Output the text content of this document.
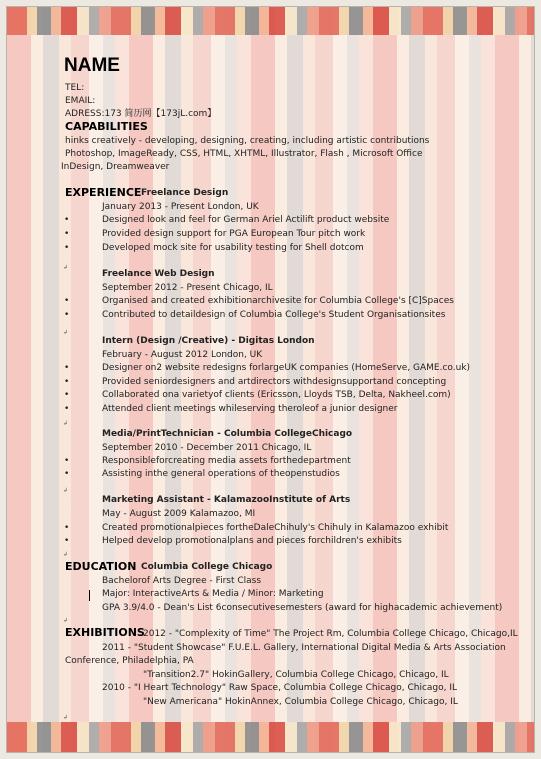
NAME
TEL:
EMAIL:
ADRESS:173 简历网【173jL.com】
CAPABILITIES
hinks creatively - developing, designing, creating, including artistic contributions
Photoshop, ImageReady, CSS, HTML, XHTML, Illustrator, Flash , Microsoft Office
InDesign, Dreamweaver
EXPERIENCE Freelance Design
January 2013 - Present London, UK
•	Designed look and feel for German Ariel Actilift product website
•	Provided design support for PGA European Tour pitch work
•	Developed mock site for usability testing for Shell dotcom
Freelance Web Design
September 2012 - Present Chicago, IL
•	Organised and created exhibitionarchivesite for Columbia College's [C]Spaces
•	Contributed to detaildesign of Columbia College's Student Organisationsites
Intern (Design /Creative) - Digitas London
February - August 2012 London, UK
•	Designer on2 website redesigns forlargeUK companies (HomeServe, GAME.co.uk)
•	Provided seniordesigners and artdirectors withdesignsupportand concepting
•	Collaborated ona varietyof clients (Ericsson, Lloyds TSB, Delta, Nakheel.com)
•	Attended client meetings whileserving theroleof a junior designer
Media/PrintTechnician - Columbia CollegeChicago
September 2010 - December 2011 Chicago, IL
•	Responsibleforcreating media assets forthedepartment
•	Assisting inthe general operations of theopenstudios
Marketing Assistant - KalamazooInstitute of Arts
May - August 2009 Kalamazoo, MI
•	Created promotionalpieces fortheDaleChihuly's Chihuly in Kalamazoo exhibit
•	Helped develop promotionalplans and pieces forchildren's exhibits
EDUCATION Columbia College Chicago
Bachelorof Arts Degree - First Class
Major: InteractiveArts & Media / Minor: Marketing
GPA 3.9/4.0 - Dean's List 6consecutivesemesters (award for highacademic achievement)
EXHIBITIONS
2012 - "Complexity of Time" The Project Rm, Columbia College Chicago, Chicago,IL
2011 - "Student Showcase" F.U.E.L. Gallery, International Digital Media & Arts Association
Conference, Philadelphia, PA
"Transition2.7" HokinGallery, Columbia College Chicago, Chicago, IL
2010 - "I Heart Technology" Raw Space, Columbia College Chicago, Chicago, IL
"New Americana" HokinAnnex, Columbia College Chicago, Chicago, IL
↲
↲
↲
↲
↲
↲
↲
